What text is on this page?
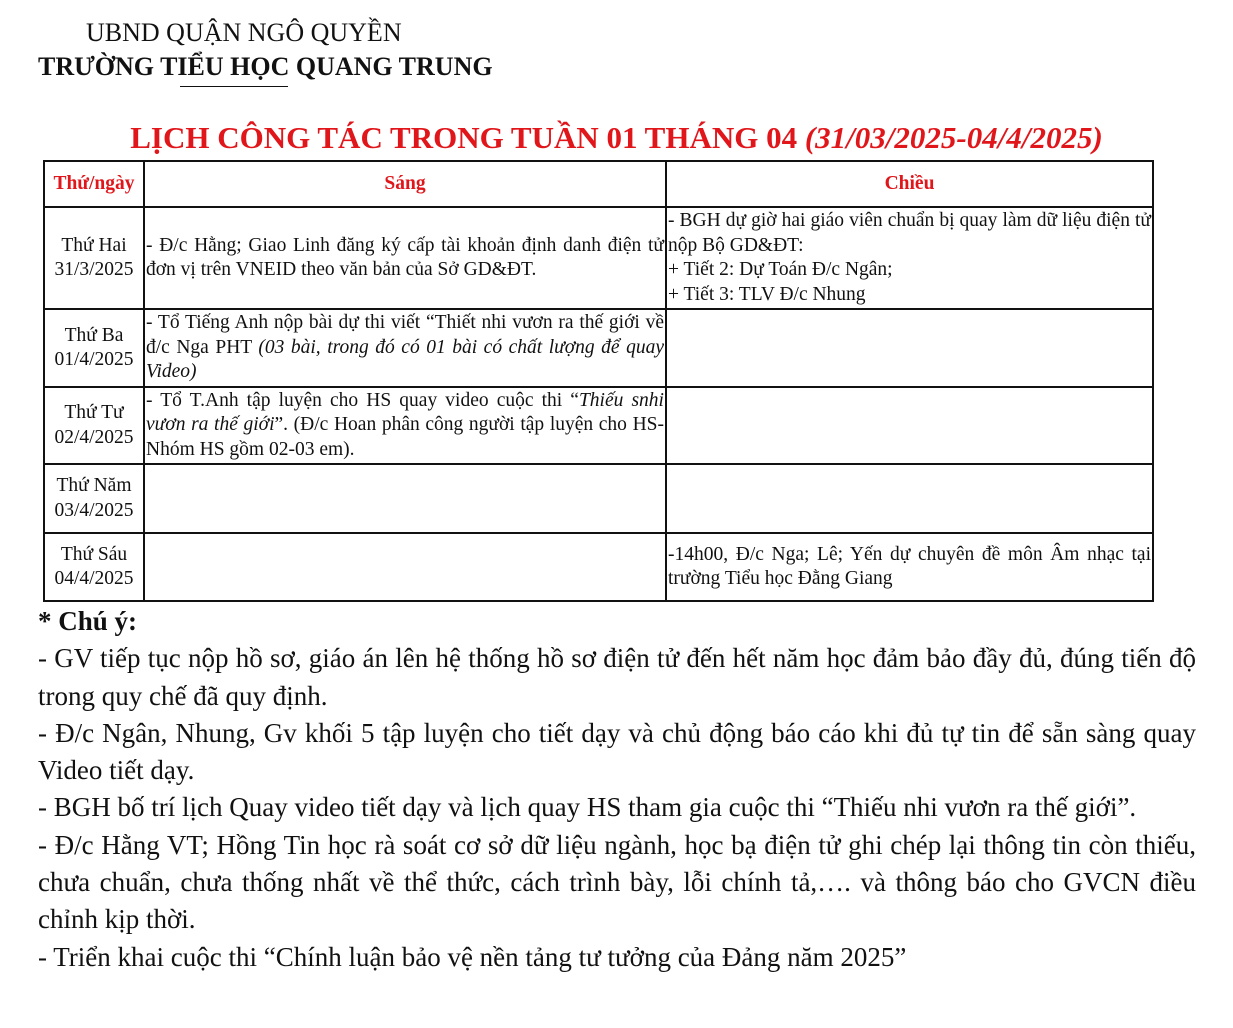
UBND QUẬN NGÔ QUYỀN
TRƯỜNG TIỂU HỌC QUANG TRUNG
LỊCH CÔNG TÁC TRONG TUẦN 01 THÁNG 04 (31/03/2025-04/4/2025)
Thứ/ngày	Sáng	Chiều
Thứ Hai
31/3/2025	- Đ/c Hằng; Giao Linh đăng ký cấp tài khoản định danh điện tử đơn vị trên VNEID theo văn bản của Sở GD&ĐT.	- BGH dự giờ hai giáo viên chuẩn bị quay làm dữ liệu điện tử nộp Bộ GD&ĐT:
+ Tiết 2: Dự Toán Đ/c Ngân;
+ Tiết 3: TLV Đ/c Nhung
Thứ Ba
01/4/2025	- Tổ Tiếng Anh nộp bài dự thi viết “Thiết nhi vươn ra thế giới về đ/c Nga PHT (03 bài, trong đó có 01 bài có chất lượng để quay Video)	
Thứ Tư
02/4/2025	- Tổ T.Anh tập luyện cho HS quay video cuộc thi “Thiếu snhi vươn ra thế giới”. (Đ/c Hoan phân công người tập luyện cho HS- Nhóm HS gồm 02-03 em).	
Thứ Năm
03/4/2025		
Thứ Sáu
04/4/2025		-14h00, Đ/c Nga; Lê; Yến dự chuyên đề môn Âm nhạc tại trường Tiểu học Đằng Giang

* Chú ý:

- GV tiếp tục nộp hồ sơ, giáo án lên hệ thống hồ sơ điện tử đến hết năm học đảm bảo đầy đủ, đúng tiến độ trong quy chế đã quy định.

- Đ/c Ngân, Nhung, Gv khối 5 tập luyện cho tiết dạy và chủ động báo cáo khi đủ tự tin để sẵn sàng quay Video tiết dạy.

- BGH bố trí lịch Quay video tiết dạy và lịch quay HS tham gia cuộc thi “Thiếu nhi vươn ra thế giới”.

- Đ/c Hằng VT; Hồng Tin học rà soát cơ sở dữ liệu ngành, học bạ điện tử ghi chép lại thông tin còn thiếu, chưa chuẩn, chưa thống nhất về thể thức, cách trình bày, lỗi chính tả,…. và thông báo cho GVCN điều chỉnh kịp thời.

- Triển khai cuộc thi “Chính luận bảo vệ nền tảng tư tưởng của Đảng năm 2025”
